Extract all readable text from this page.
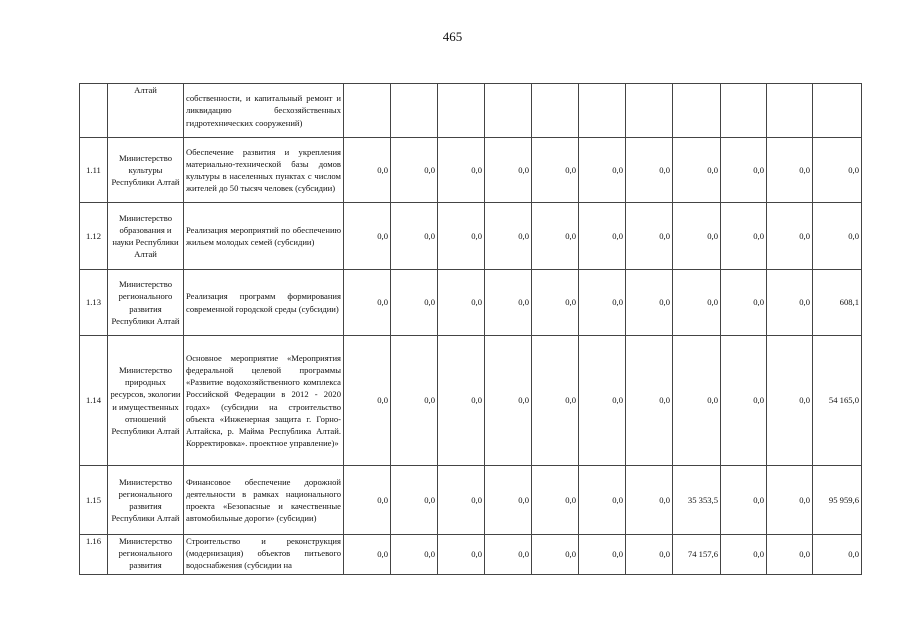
465
	Алтай	собственности, и капитальный ремонт и ликвидацию бесхозяйственных гидротехнических сооружений)											
1.11	Министерство культуры Республики Алтай	Обеспечение развития и укрепления материально-технической базы домов культуры в населенных пунктах с числом жителей до 50 тысяч человек (субсидии)	0,0	0,0	0,0	0,0	0,0	0,0	0,0	0,0	0,0	0,0	0,0
1.12	Министерство образования и науки Республики Алтай	Реализация мероприятий по обеспечению жильем молодых семей (субсидии)	0,0	0,0	0,0	0,0	0,0	0,0	0,0	0,0	0,0	0,0	0,0
1.13	Министерство регионального развития Республики Алтай	Реализация программ формирования современной городской среды (субсидии)	0,0	0,0	0,0	0,0	0,0	0,0	0,0	0,0	0,0	0,0	608,1
1.14	Министерство природных ресурсов, экологии и имущественных отношений Республики Алтай	Основное мероприятие «Мероприятия федеральной целевой программы «Развитие водохозяйственного комплекса Российской Федерации в 2012 - 2020 годах» (субсидии на строительство объекта «Инженерная защита г. Горно-Алтайска, р. Майма Республика Алтай. Корректировка». проектное управление)»	0,0	0,0	0,0	0,0	0,0	0,0	0,0	0,0	0,0	0,0	54 165,0
1.15	Министерство регионального развития Республики Алтай	Финансовое обеспечение дорожной деятельности в рамках национального проекта «Безопасные и качественные автомобильные дороги» (субсидии)	0,0	0,0	0,0	0,0	0,0	0,0	0,0	35 353,5	0,0	0,0	95 959,6
1.16	Министерство регионального развития	Строительство и реконструкция (модернизация) объектов питьевого водоснабжения (субсидии на	0,0	0,0	0,0	0,0	0,0	0,0	0,0	74 157,6	0,0	0,0	0,0
